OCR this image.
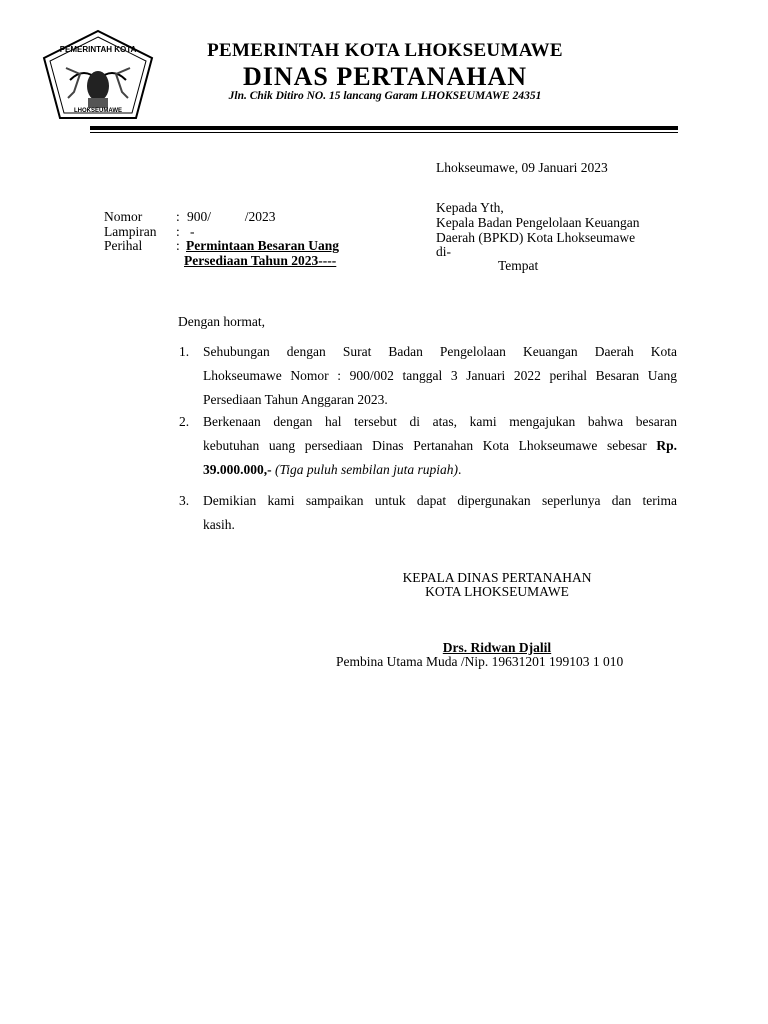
PEMERINTAH KOTA
LHOKSEUMAWE
PEMERINTAH KOTA LHOKSEUMAWE
DINAS PERTANAHAN
Jln. Chik Ditiro NO. 15 lancang Garam LHOKSEUMAWE 24351
Lhokseumawe, 09 Januari 2023
Kepada Yth,
Kepala Badan Pengelolaan Keuangan
Daerah (BPKD) Kota Lhokseumawe
di-
Tempat
Nomor	: 900/          /2023
Lampiran : -
Perihal	: Permintaan Besaran Uang
Persediaan Tahun 2023----
Dengan hormat,
1.	Sehubungan dengan Surat Badan Pengelolaan Keuangan Daerah Kota
Lhokseumawe Nomor : 900/002 tanggal 3 Januari 2022 perihal Besaran Uang
Persediaan Tahun Anggaran 2023.
2.	Berkenaan dengan hal tersebut di atas, kami mengajukan bahwa besaran
kebutuhan uang persediaan Dinas Pertanahan Kota Lhokseumawe sebesar Rp.
39.000.000,- (Tiga puluh sembilan juta rupiah).
3.	Demikian kami sampaikan untuk dapat dipergunakan seperlunya dan terima
kasih.
KEPALA DINAS PERTANAHAN
KOTA LHOKSEUMAWE
Drs. Ridwan Djalil
Pembina Utama Muda /Nip. 19631201 199103 1 010
